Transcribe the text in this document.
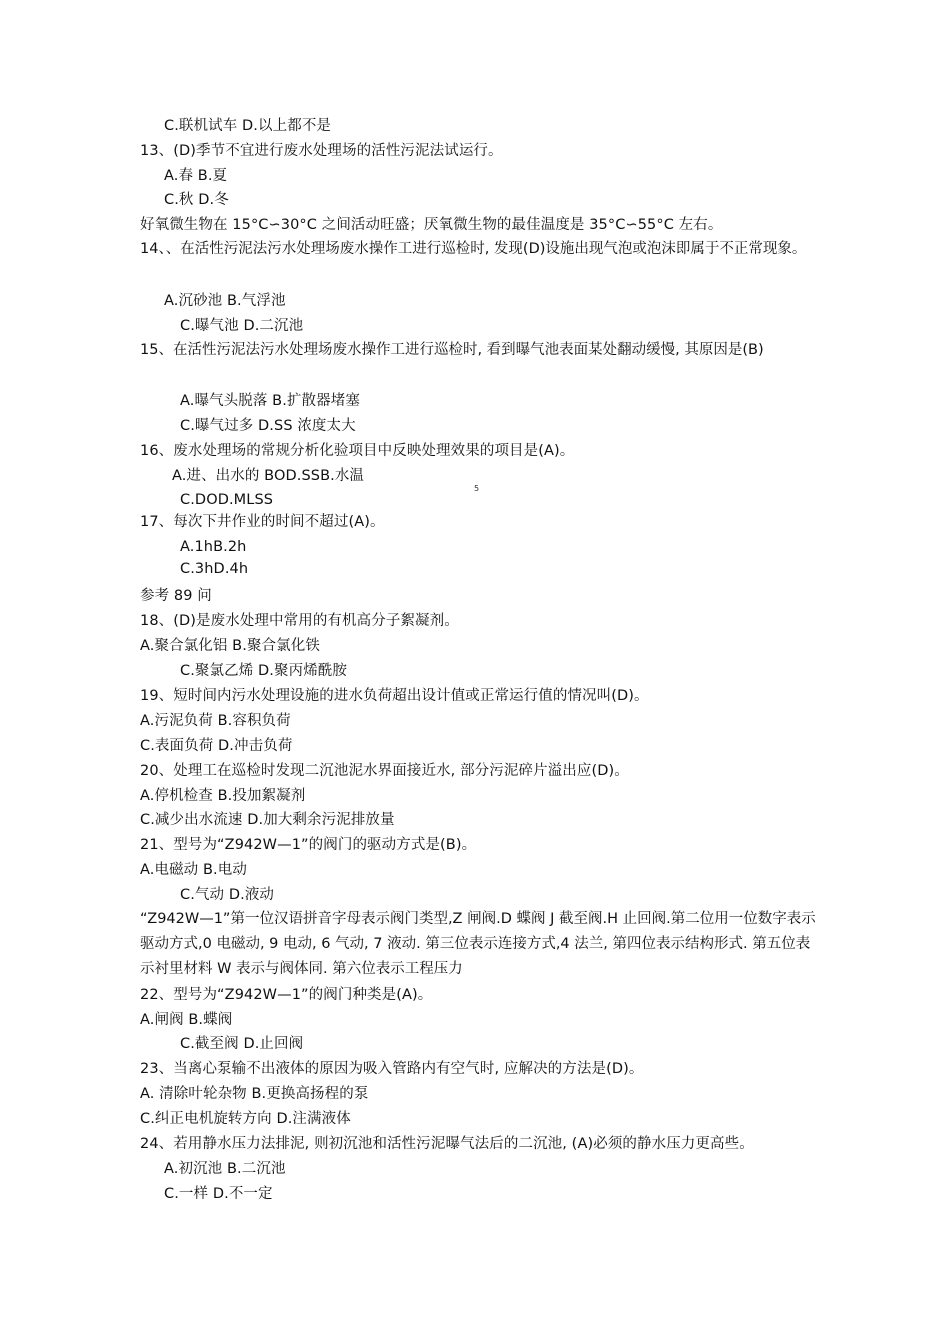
C.联机试车 D.以上都不是
13、(D)季节不宜进行废水处理场的活性污泥法试运行。
A.春 B.夏
C.秋 D.冬
好氧微生物在 15°C∽30°C 之间活动旺盛；厌氧微生物的最佳温度是 35°C∽55°C 左右。
14、、在活性污泥法污水处理场废水操作工进行巡检时, 发现(D)设施出现气泡或泡沫即属于不正常现象。
A.沉砂池 B.气浮池
C.曝气池 D.二沉池
15、在活性污泥法污水处理场废水操作工进行巡检时, 看到曝气池表面某处翻动缓慢, 其原因是(B)
A.曝气头脱落 B.扩散器堵塞
C.曝气过多 D.SS 浓度太大
16、废水处理场的常规分析化验项目中反映处理效果的项目是(A)。
A.进、出水的 BOD.SSB.水温
C.DOD.MLSS
5
17、每次下井作业的时间不超过(A)。
A.1hB.2h
C.3hD.4h
参考 89 问
18、(D)是废水处理中常用的有机高分子絮凝剂。
A.聚合氯化铝 B.聚合氯化铁
C.聚氯乙烯 D.聚丙烯酰胺
19、短时间内污水处理设施的进水负荷超出设计值或正常运行值的情况叫(D)。
A.污泥负荷 B.容积负荷
C.表面负荷 D.冲击负荷
20、处理工在巡检时发现二沉池泥水界面接近水, 部分污泥碎片溢出应(D)。
A.停机检查 B.投加絮凝剂
C.减少出水流速 D.加大剩余污泥排放量
21、型号为“Z942W—1”的阀门的驱动方式是(B)。
A.电磁动 B.电动
C.气动 D.液动
“Z942W—1”第一位汉语拼音字母表示阀门类型,Z 闸阀.D 蝶阀 J 截至阀.H 止回阀.第二位用一位数字表示驱动方式,0 电磁动, 9 电动, 6 气动, 7 液动. 第三位表示连接方式,4 法兰, 第四位表示结构形式. 第五位表示衬里材料 W 表示与阀体同. 第六位表示工程压力
22、型号为“Z942W—1”的阀门种类是(A)。
A.闸阀 B.蝶阀
C.截至阀 D.止回阀
23、当离心泵输不出液体的原因为吸入管路内有空气时, 应解决的方法是(D)。
A. 清除叶轮杂物 B.更换高扬程的泵
C.纠正电机旋转方向 D.注满液体
24、若用静水压力法排泥, 则初沉池和活性污泥曝气法后的二沉池, (A)必须的静水压力更高些。
A.初沉池 B.二沉池
C.一样 D.不一定
